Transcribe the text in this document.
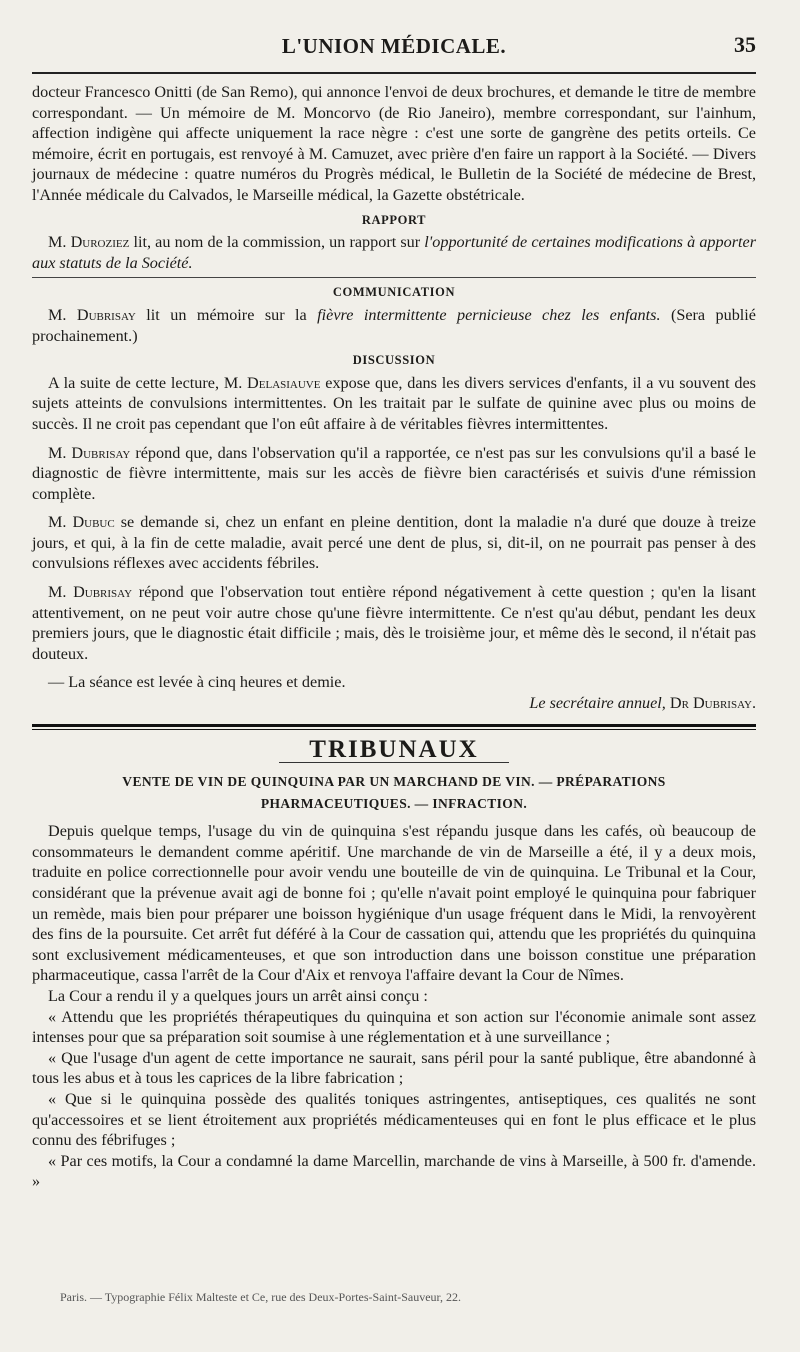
L'UNION MÉDICALE.	35

docteur Francesco Onitti (de San Remo), qui annonce l'envoi de deux brochures, et demande le titre de membre correspondant. — Un mémoire de M. Moncorvo (de Rio Janeiro), membre correspondant, sur l'ainhum, affection indigène qui affecte uniquement la race nègre : c'est une sorte de gangrène des petits orteils. Ce mémoire, écrit en portugais, est renvoyé à M. Camuzet, avec prière d'en faire un rapport à la Société. — Divers journaux de médecine : quatre numéros du Progrès médical, le Bulletin de la Société de médecine de Brest, l'Année médicale du Calvados, le Marseille médical, la Gazette obstétricale.

RAPPORT

M. Duroziez lit, au nom de la commission, un rapport sur l'opportunité de certaines modifications à apporter aux statuts de la Société.

COMMUNICATION

M. Dubrisay lit un mémoire sur la fièvre intermittente pernicieuse chez les enfants. (Sera publié prochainement.)

DISCUSSION

A la suite de cette lecture, M. Delasiauve expose que, dans les divers services d'enfants, il a vu souvent des sujets atteints de convulsions intermittentes. On les traitait par le sulfate de quinine avec plus ou moins de succès. Il ne croit pas cependant que l'on eût affaire à de véritables fièvres intermittentes.

M. Dubrisay répond que, dans l'observation qu'il a rapportée, ce n'est pas sur les convulsions qu'il a basé le diagnostic de fièvre intermittente, mais sur les accès de fièvre bien caractérisés et suivis d'une rémission complète.

M. Dubuc se demande si, chez un enfant en pleine dentition, dont la maladie n'a duré que douze à treize jours, et qui, à la fin de cette maladie, avait percé une dent de plus, si, dit-il, on ne pourrait pas penser à des convulsions réflexes avec accidents fébriles.

M. Dubrisay répond que l'observation tout entière répond négativement à cette question ; qu'en la lisant attentivement, on ne peut voir autre chose qu'une fièvre intermittente. Ce n'est qu'au début, pendant les deux premiers jours, que le diagnostic était difficile ; mais, dès le troisième jour, et même dès le second, il n'était pas douteux.

— La séance est levée à cinq heures et demie.

Le secrétaire annuel, Dr Dubrisay.

TRIBUNAUX
VENTE DE VIN DE QUINQUINA PAR UN MARCHAND DE VIN. — PRÉPARATIONS
PHARMACEUTIQUES. — INFRACTION.

Depuis quelque temps, l'usage du vin de quinquina s'est répandu jusque dans les cafés, où beaucoup de consommateurs le demandent comme apéritif. Une marchande de vin de Marseille a été, il y a deux mois, traduite en police correctionnelle pour avoir vendu une bouteille de vin de quinquina. Le Tribunal et la Cour, considérant que la prévenue avait agi de bonne foi ; qu'elle n'avait point employé le quinquina pour fabriquer un remède, mais bien pour préparer une boisson hygiénique d'un usage fréquent dans le Midi, la renvoyèrent des fins de la poursuite. Cet arrêt fut déféré à la Cour de cassation qui, attendu que les propriétés du quinquina sont exclusivement médicamenteuses, et que son introduction dans une boisson constitue une préparation pharmaceutique, cassa l'arrêt de la Cour d'Aix et renvoya l'affaire devant la Cour de Nîmes.

La Cour a rendu il y a quelques jours un arrêt ainsi conçu :

« Attendu que les propriétés thérapeutiques du quinquina et son action sur l'économie animale sont assez intenses pour que sa préparation soit soumise à une réglementation et à une surveillance ;

« Que l'usage d'un agent de cette importance ne saurait, sans péril pour la santé publique, être abandonné à tous les abus et à tous les caprices de la libre fabrication ;

« Que si le quinquina possède des qualités toniques astringentes, antiseptiques, ces qualités ne sont qu'accessoires et se lient étroitement aux propriétés médicamenteuses qui en font le plus efficace et le plus connu des fébrifuges ;

« Par ces motifs, la Cour a condamné la dame Marcellin, marchande de vins à Marseille, à 500 fr. d'amende. »

Paris. — Typographie Félix Malteste et Ce, rue des Deux-Portes-Saint-Sauveur, 22.
